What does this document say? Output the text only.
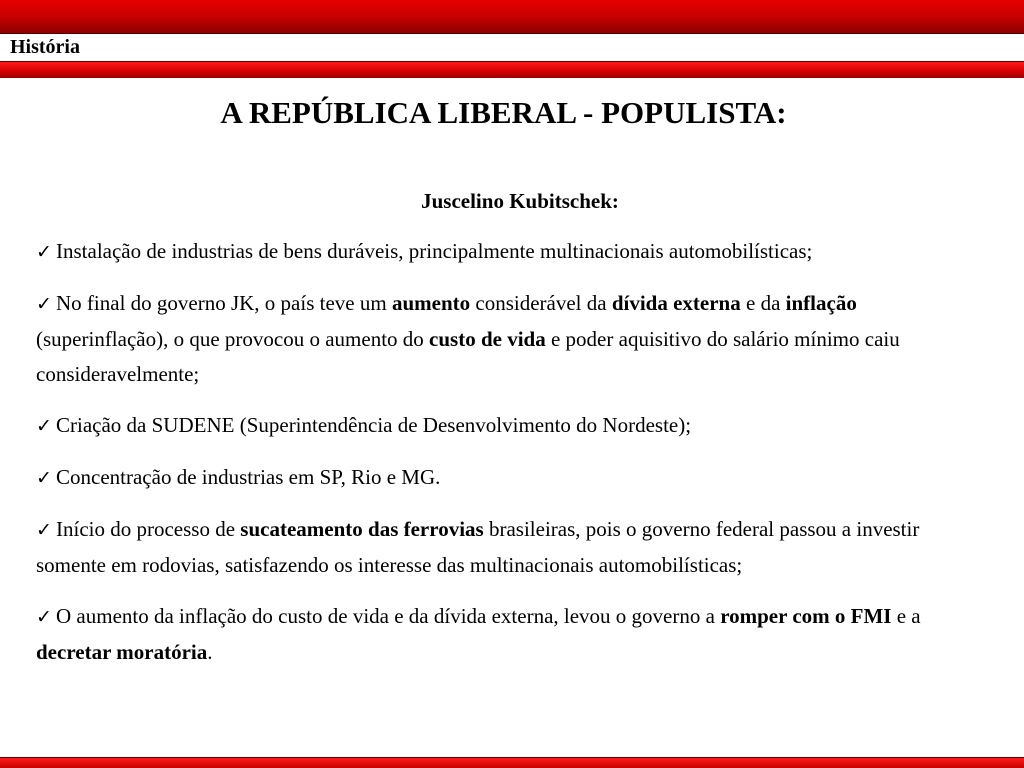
História

A REPÚBLICA LIBERAL - POPULISTA:
Juscelino Kubitschek:
✓ Instalação de industrias de bens duráveis, principalmente multinacionais automobilísticas;
✓ No final do governo JK, o país teve um aumento considerável da dívida externa e da inflação (superinflação), o que provocou o aumento do custo de vida e poder aquisitivo do salário mínimo caiu consideravelmente;
✓ Criação da SUDENE (Superintendência de Desenvolvimento do Nordeste);
✓ Concentração de industrias em SP, Rio e MG.
✓ Início do processo de sucateamento das ferrovias brasileiras, pois o governo federal passou a investir somente em rodovias, satisfazendo os interesse das multinacionais automobilísticas;
✓ O aumento da inflação do custo de vida e da dívida externa, levou o governo a romper com o FMI e a decretar moratória.
